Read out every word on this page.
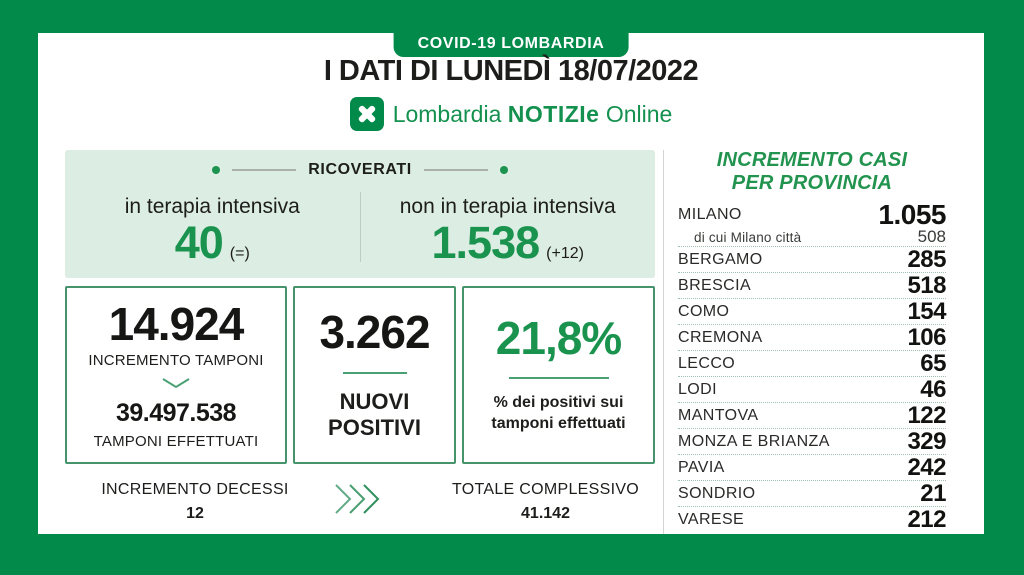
COVID-19 LOMBARDIA
I DATI DI LUNEDÌ 18/07/2022
Lombardia NOTIZIe Online
RICOVERATI
in terapia intensiva
40 (=)
non in terapia intensiva
1.538 (+12)
14.924
INCREMENTO TAMPONI
39.497.538
TAMPONI EFFETTUATI
3.262
NUOVI POSITIVI
21,8%
% dei positivi sui tamponi effettuati
INCREMENTO DECESSI
12
TOTALE COMPLESSIVO
41.142
INCREMENTO CASI
PER PROVINCIA
MILANO	1.055
di cui Milano città	508
BERGAMO	285
BRESCIA	518
COMO	154
CREMONA	106
LECCO	65
LODI	46
MANTOVA	122
MONZA E BRIANZA	329
PAVIA	242
SONDRIO	21
VARESE	212
